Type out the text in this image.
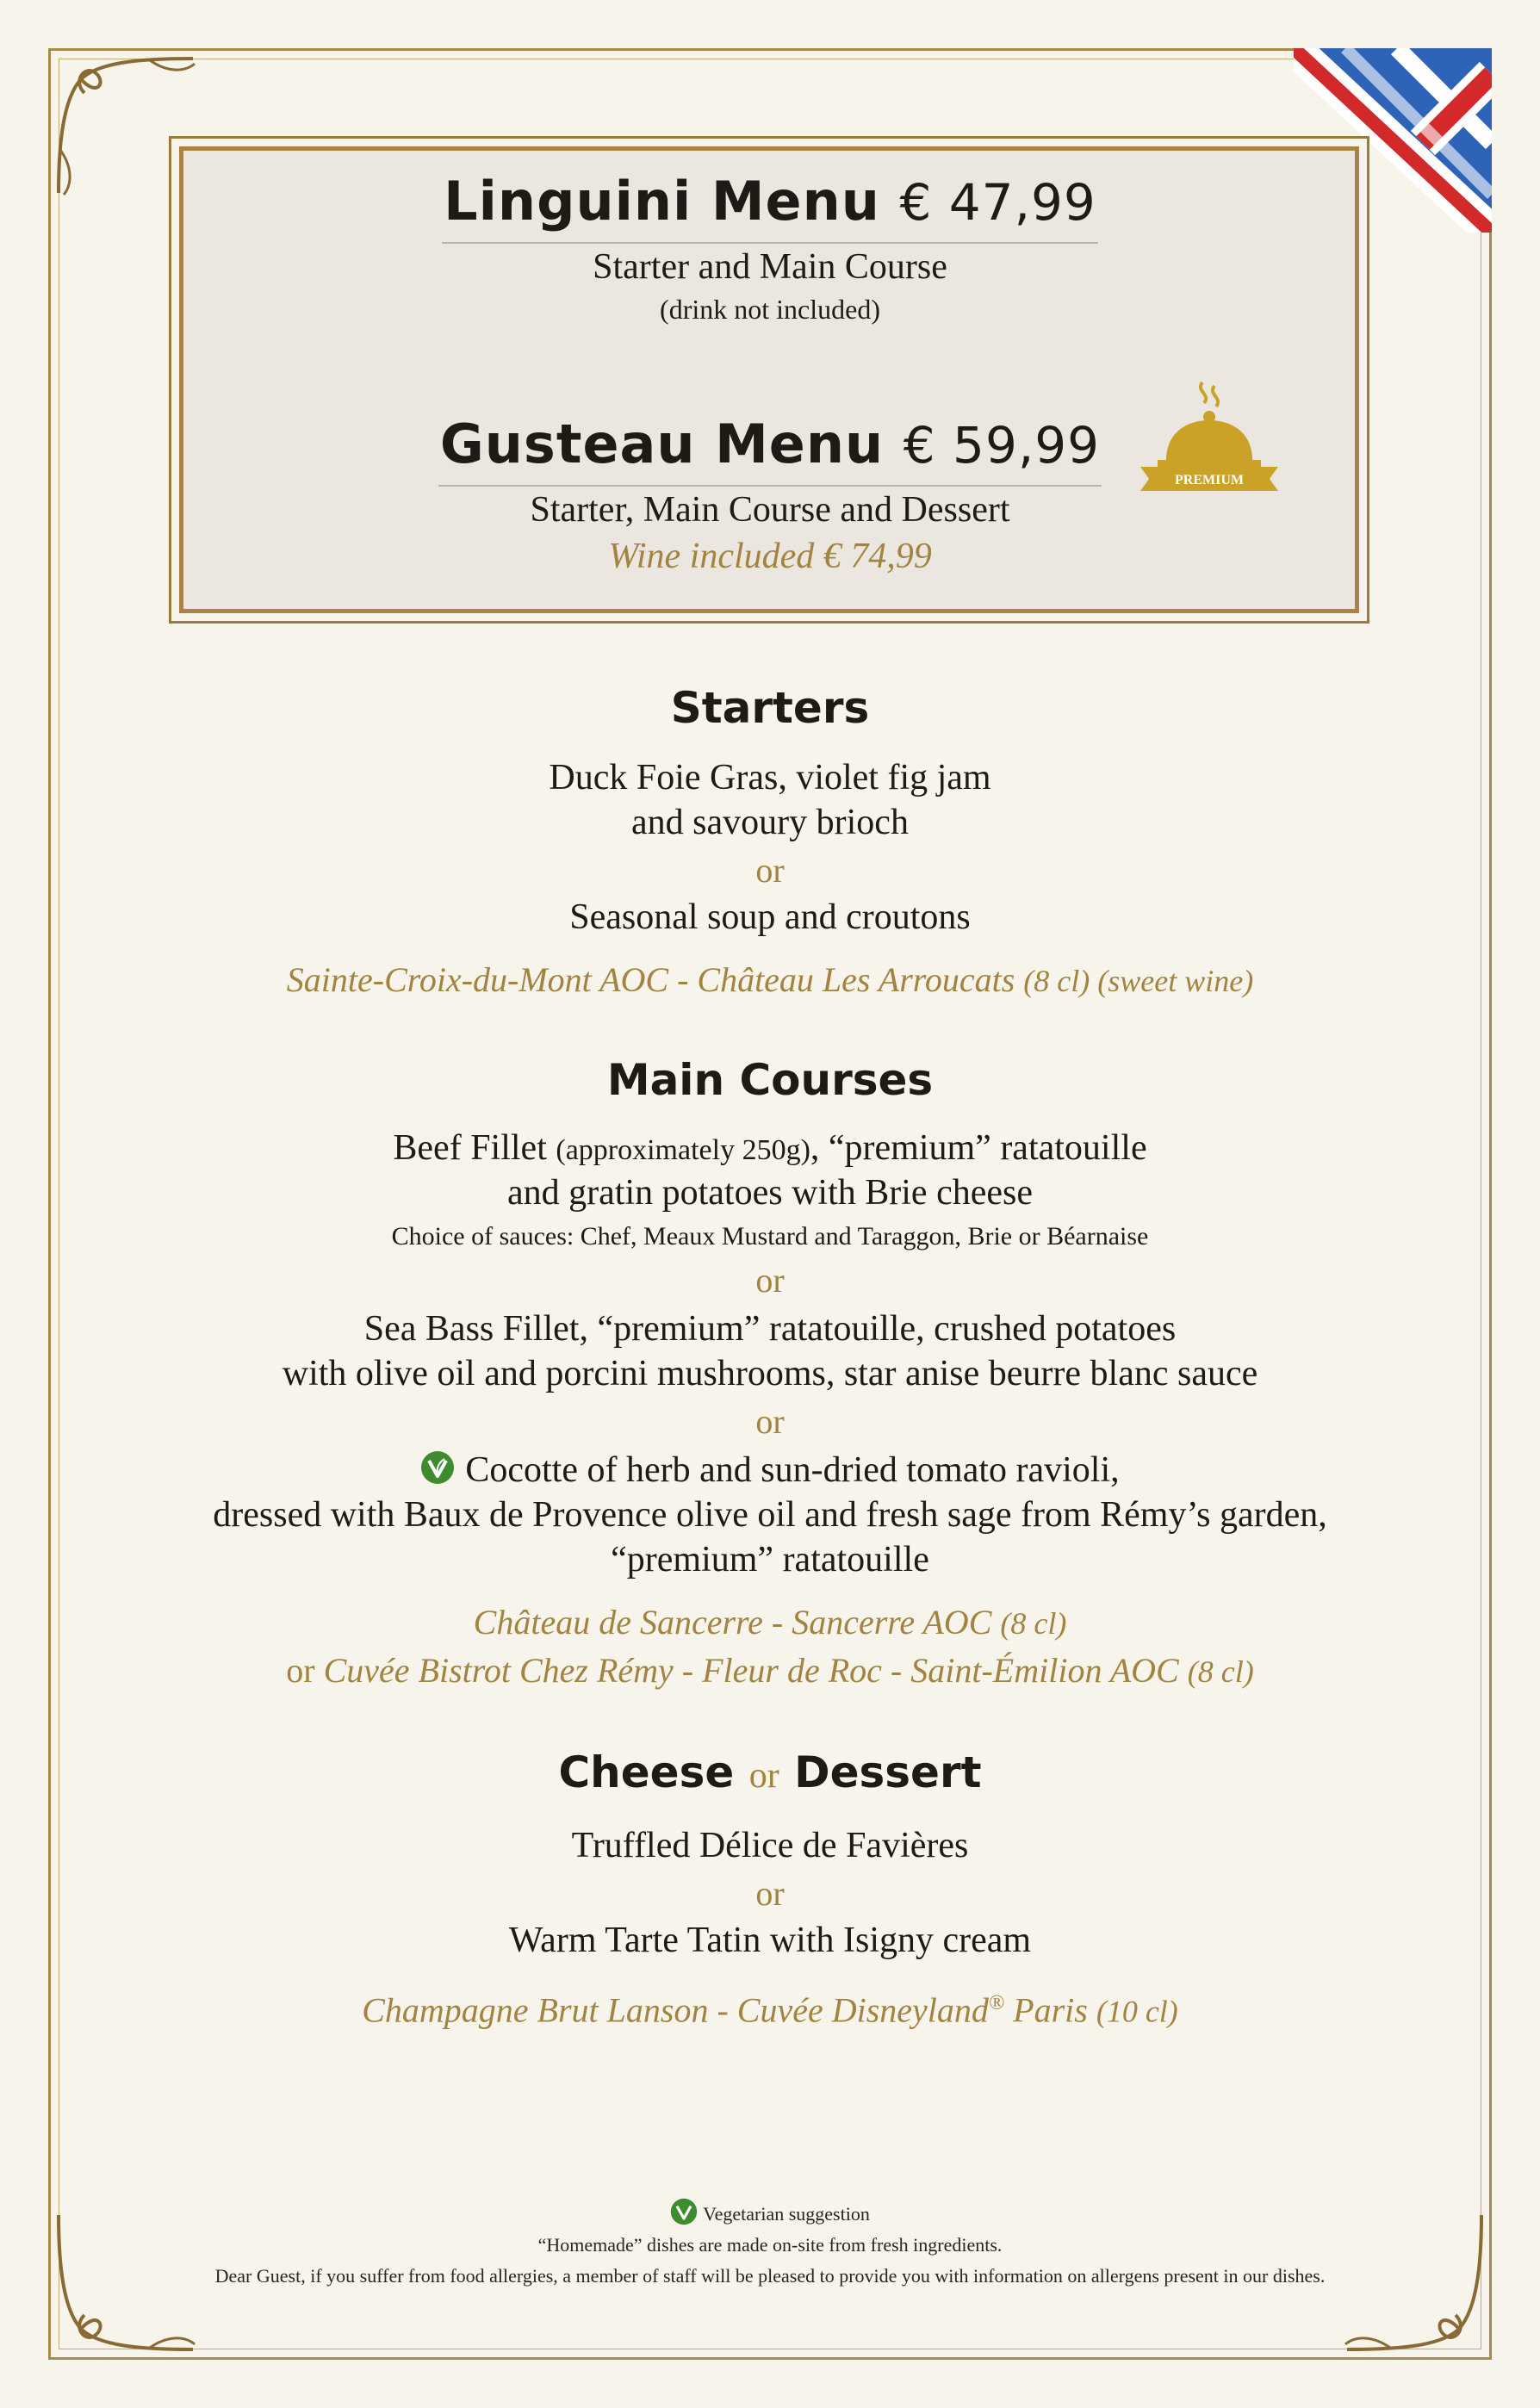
Linguini Menu € 47,99
Starter and Main Course
(drink not included)
Gusteau Menu € 59,99
Starter, Main Course and Dessert
Wine included € 74,99
PREMIUM
Starters
Duck Foie Gras, violet fig jam
and savoury brioch
or
Seasonal soup and croutons
Sainte-Croix-du-Mont AOC - Château Les Arroucats (8 cl) (sweet wine)
Main Courses
Beef Fillet (approximately 250g), “premium” ratatouille
and gratin potatoes with Brie cheese
Choice of sauces: Chef, Meaux Mustard and Taraggon, Brie or Béarnaise
or
Sea Bass Fillet, “premium” ratatouille, crushed potatoes
with olive oil and porcini mushrooms, star anise beurre blanc sauce
or
Cocotte of herb and sun-dried tomato ravioli,
dressed with Baux de Provence olive oil and fresh sage from Rémy’s garden,
“premium” ratatouille
Château de Sancerre - Sancerre AOC (8 cl)
or Cuvée Bistrot Chez Rémy - Fleur de Roc - Saint-Émilion AOC (8 cl)
Cheese or Dessert
Truffled Délice de Favières
or
Warm Tarte Tatin with Isigny cream
Champagne Brut Lanson - Cuvée Disneyland® Paris (10 cl)
Vegetarian suggestion
“Homemade” dishes are made on-site from fresh ingredients.
Dear Guest, if you suffer from food allergies, a member of staff will be pleased to provide you with information on allergens present in our dishes.
